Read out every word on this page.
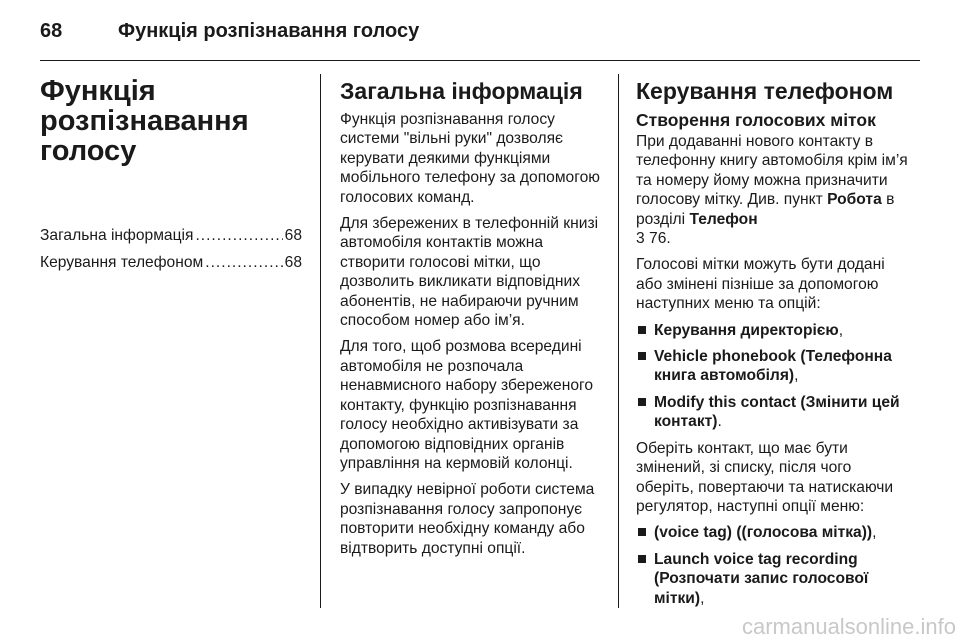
68	Функція розпізнавання голосу
Функція розпізнавання голосу
Загальна інформація .....	68
Керування телефоном .....	68
Загальна інформація
Функція розпізнавання голосу системи "вільні руки" дозволяє керувати деякими функціями мобільного телефону за допомогою голосових команд.
Для збережених в телефонній книзі автомобіля контактів можна створити голосові мітки, що дозволить викликати відповідних абонентів, не набираючи ручним способом номер або ім’я.
Для того, щоб розмова всередині автомобіля не розпочала ненавмисного набору збереженого контакту, функцію розпізнавання голосу необхідно активізувати за допомогою відповідних органів управління на кермовій колонці.
У випадку невірної роботи система розпізнавання голосу запропонує повторити необхідну команду або відтворить доступні опції.
Керування телефоном
Створення голосових міток
При додаванні нового контакту в телефонну книгу автомобіля крім ім’я та номеру йому можна призначити голосову мітку. Див. пункт Робота в розділі Телефон
3 76.
Голосові мітки можуть бути додані або змінені пізніше за допомогою наступних меню та опцій:
Керування директорією,
Vehicle phonebook (Телефонна книга автомобіля),
Modify this contact (Змінити цей контакт).
Оберіть контакт, що має бути змінений, зі списку, після чого оберіть, повертаючи та натискаючи регулятор, наступні опції меню:
(voice tag) ((голосова мітка)),
Launch voice tag recording (Розпочати запис голосової мітки),
carmanualsonline.info
